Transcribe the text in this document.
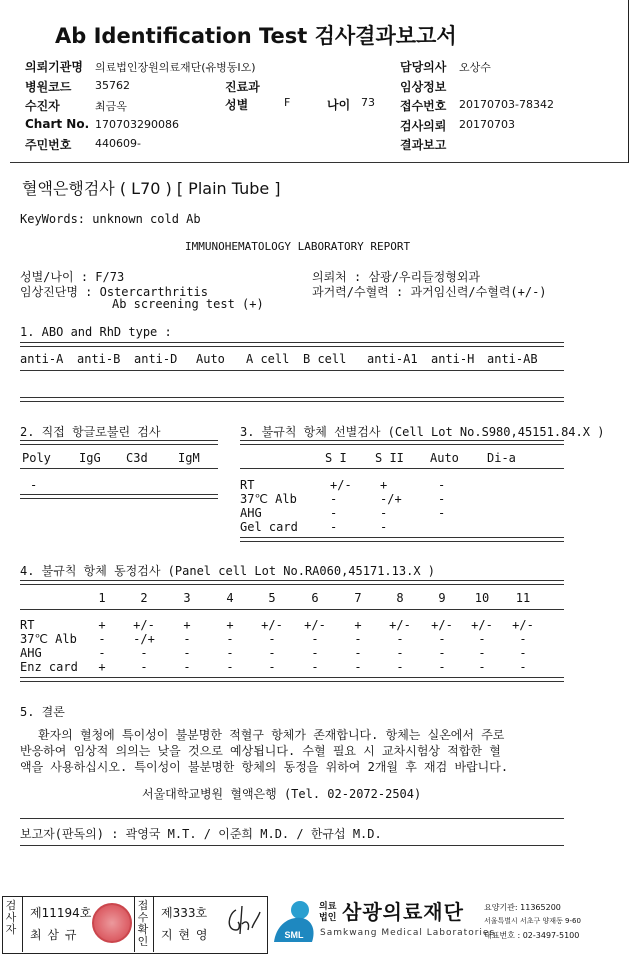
Ab Identification Test 검사결과보고서
의뢰기관명 의료법인장원의료재단(유병동I오)
병원코드 35762
수진자	최금옥
Chart No. 170703290086
주민번호 440609-
진료과
성별	F	나이 73
담당의사 오상수
임상정보
접수번호 20170703-78342
검사의뢰 20170703
결과보고
혈액은행검사 ( L70 ) [ Plain Tube ]
KeyWords: unknown cold Ab
IMMUNOHEMATOLOGY LABORATORY REPORT
성별/나이 : F/73
임상진단명 : Ostercarthritis
Ab screening test (+)
의뢰처 : 삼광/우리들정형외과
과거력/수혈력 : 과거임신력/수혈력(+/-)
1. ABO and RhD type :
anti-A anti-B anti-D Auto A cell B cell anti-A1 anti-H anti-AB
2. 직접 항글로불린 검사
Poly IgG C3d	IgM
-
3. 불규칙 항체 선별검사 (Cell Lot No.S980,45151.84.X )
S I S II Auto Di-a
RT	+/- +	-
37℃ Alb	-	-/+	-
AHG	-	-	-
Gel card	-	-
4. 불규칙 항체 동정검사 (Panel cell Lot No.RA060,45171.13.X )
1	2	3	4	5	6	7	8	9	10	11
RT	+	+/-	+	+	+/- +/-	+	+/- +/- +/- +/-
37℃ Alb	-	-/+	-	-	-	-	-	-	-	-	-
AHG	-	-	-	-	-	-	-	-	-	-	-
Enz card	+	-	-	-	-	-	-	-	-	-	-
5. 결론
환자의 혈청에 특이성이 불분명한 적혈구 항체가 존재합니다. 항체는 실온에서 주로
반응하여 임상적 의의는 낮을 것으로 예상됩니다. 수혈 필요 시 교차시험상 적합한 혈
액을 사용하십시오. 특이성이 불분명한 항체의 동정을 위하여 2개월 후 재검 바랍니다.
서울대학교병원 혈액은행 (Tel. 02-2072-2504)
보고자(판독의) : 곽영국 M.T. / 이준희 M.D. / 한규섭 M.D.
검사자
제11194호
최 삼 규
접수확인
제333호
지 현 영	SML
의료법인 삼광의료재단
Samkwang Medical Laboratories
요양기관: 11365200
서울특별시 서초구 양재동 9-60
대표번호 : 02-3497-5100
